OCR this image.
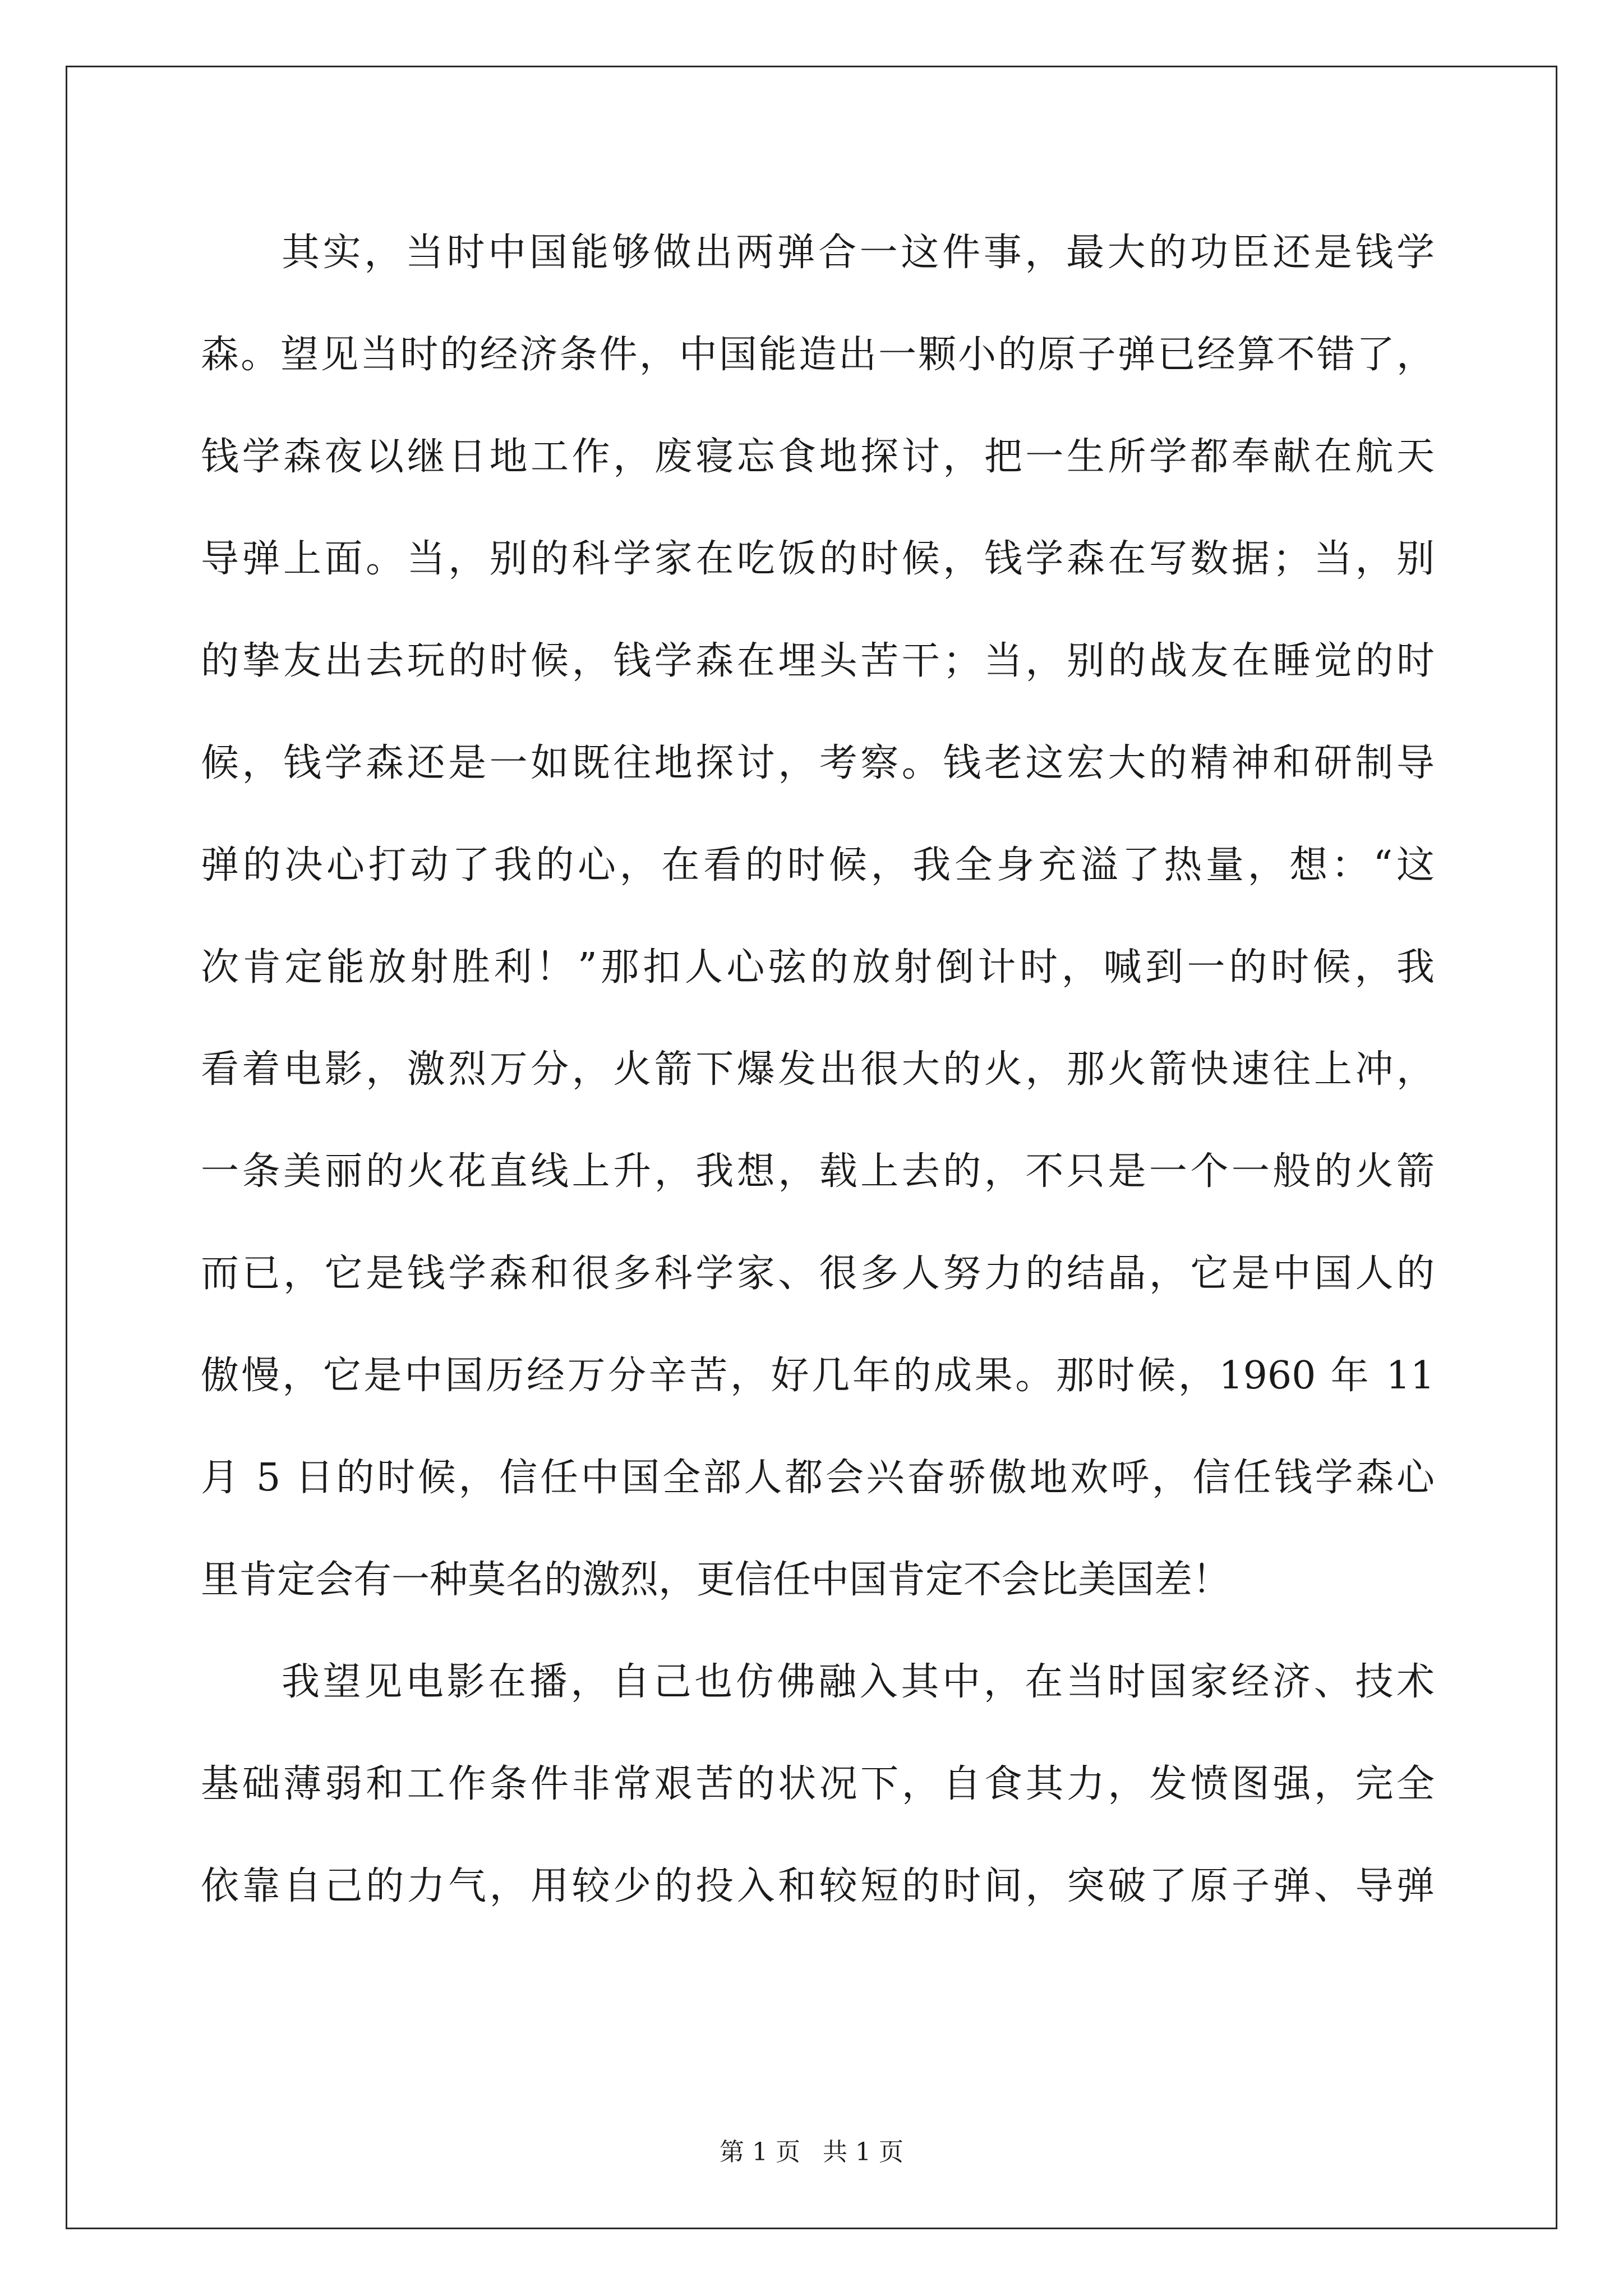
其实，当时中国能够做出两弹合一这件事，最大的功臣还是钱学
森。望见当时的经济条件，中国能造出一颗小的原子弹已经算不错了，
钱学森夜以继日地工作，废寝忘食地探讨，把一生所学都奉献在航天
导弹上面。当，别的科学家在吃饭的时候，钱学森在写数据；当，别
的挚友出去玩的时候，钱学森在埋头苦干；当，别的战友在睡觉的时
候，钱学森还是一如既往地探讨，考察。钱老这宏大的精神和研制导
弹的决心打动了我的心，在看的时候，我全身充溢了热量，想：“这
次肯定能放射胜利！”那扣人心弦的放射倒计时，喊到一的时候，我
看着电影，激烈万分，火箭下爆发出很大的火，那火箭快速往上冲，
一条美丽的火花直线上升，我想，载上去的，不只是一个一般的火箭
而已，它是钱学森和很多科学家、很多人努力的结晶，它是中国人的
傲慢，它是中国历经万分辛苦，好几年的成果。那时候，1960 年 11
月 5 日的时候，信任中国全部人都会兴奋骄傲地欢呼，信任钱学森心
里肯定会有一种莫名的激烈，更信任中国肯定不会比美国差！
我望见电影在播，自己也仿佛融入其中，在当时国家经济、技术
基础薄弱和工作条件非常艰苦的状况下，自食其力，发愤图强，完全
依靠自己的力气，用较少的投入和较短的时间，突破了原子弹、导弹
第 1 页 共 1 页
